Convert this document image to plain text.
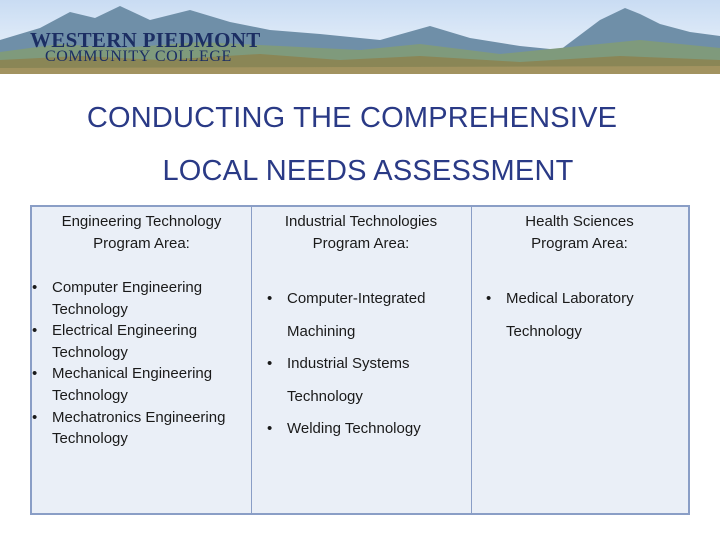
WESTERN PIEDMONT
COMMUNITY COLLEGE
CONDUCTING THE COMPREHENSIVE
LOCAL NEEDS ASSESSMENT
Engineering Technology
Program Area:
• Computer Engineering Technology
• Electrical Engineering Technology
• Mechanical Engineering Technology
• Mechatronics Engineering Technology
Industrial Technologies
Program Area:
• Computer-Integrated Machining
• Industrial Systems Technology
• Welding Technology
Health Sciences
Program Area:
• Medical Laboratory Technology
